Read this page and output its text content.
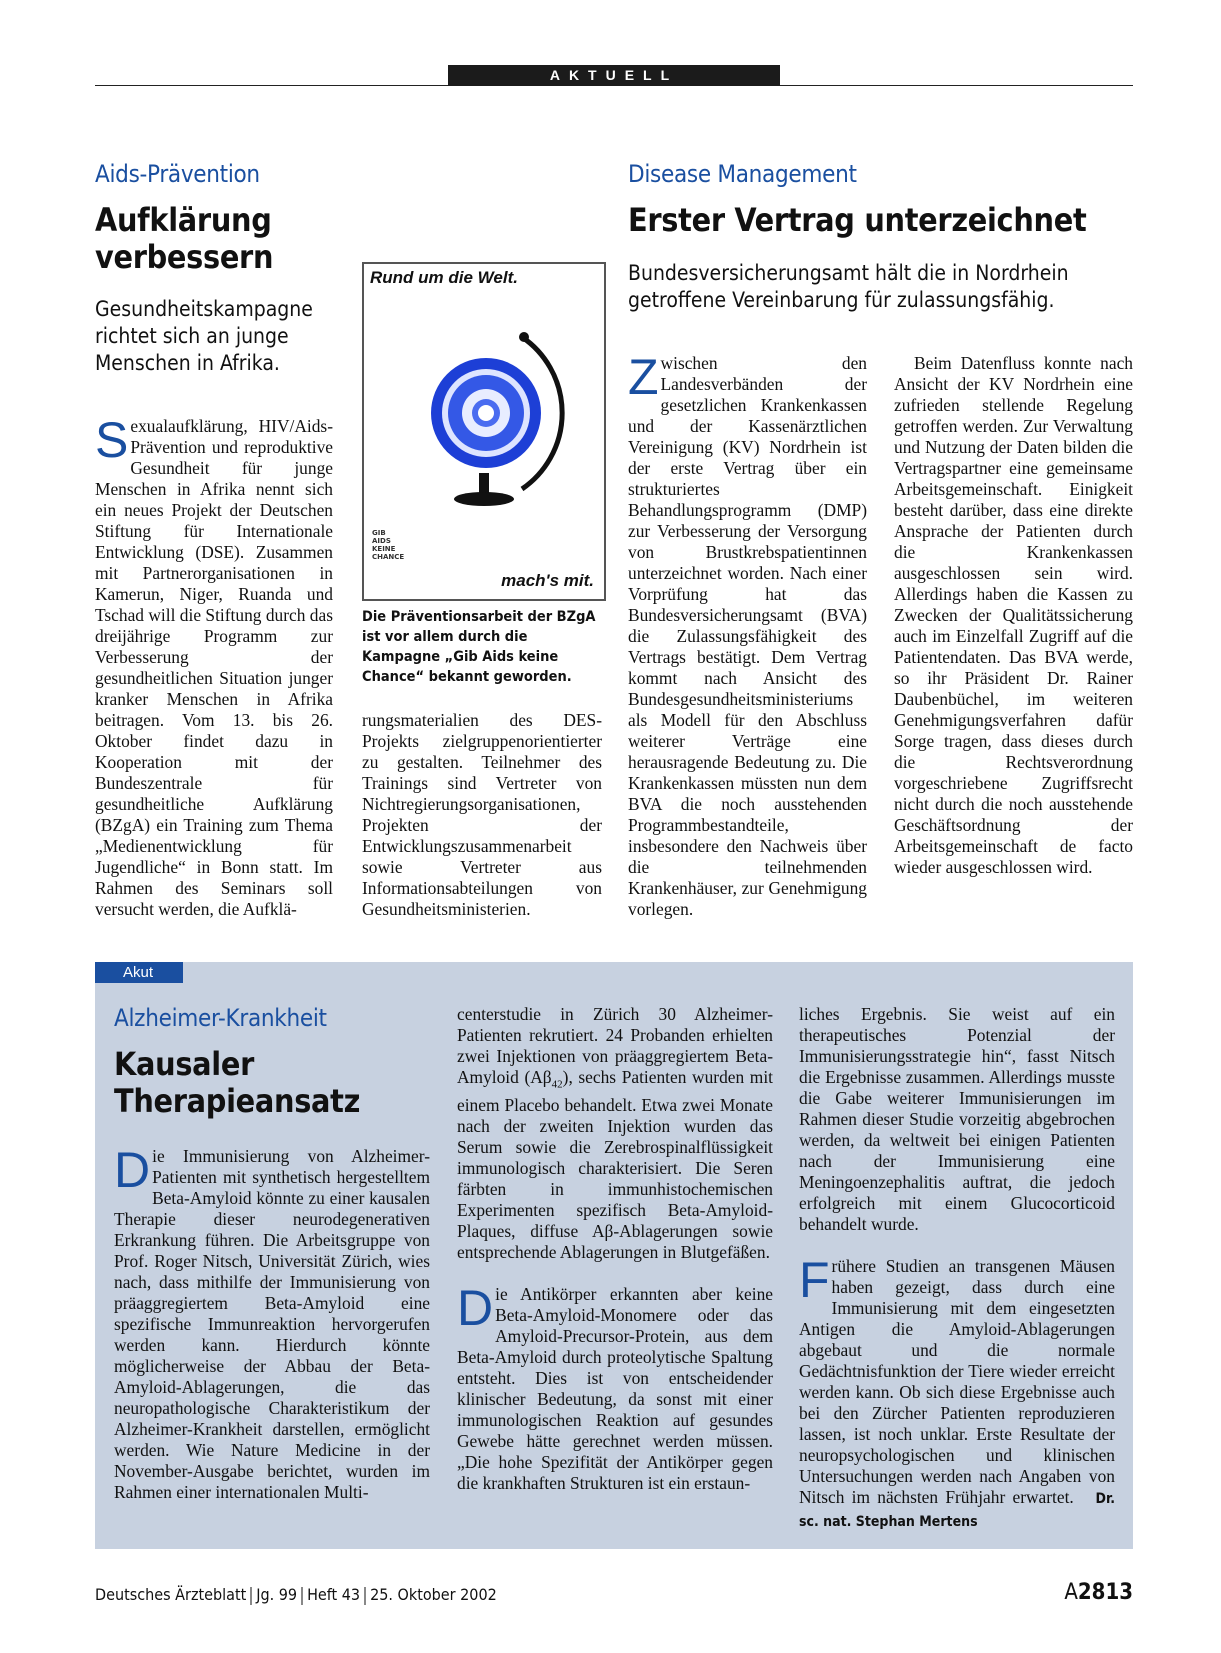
AKTUELL
Aids-Prävention
Aufklärung
verbessern
Gesundheitskampagne
richtet sich an junge
Menschen in Afrika.
Sexualaufklärung, HIV/Aids-Prävention und reproduktive Gesundheit für junge Menschen in Afrika nennt sich ein neues Projekt der Deutschen Stiftung für Internationale Entwicklung (DSE). Zusammen mit Partnerorganisationen in Kamerun, Niger, Ruanda und Tschad will die Stiftung durch das dreijährige Programm zur Verbesserung der gesundheitlichen Situation junger kranker Menschen in Afrika beitragen. Vom 13. bis 26. Oktober findet dazu in Kooperation mit der Bundeszentrale für gesundheitliche Aufklärung (BZgA) ein Training zum Thema „Medienentwicklung für Jugendliche“ in Bonn statt. Im Rahmen des Seminars soll versucht werden, die Aufklä-
Rund um die Welt.
GIB AIDS KEINE CHANCE
mach's mit.
Die Präventionsarbeit der BZgA ist vor allem durch die Kampagne „Gib Aids keine Chance“ bekannt geworden.
rungsmaterialien des DES-Projekts zielgruppenorientierter zu gestalten. Teilnehmer des Trainings sind Vertreter von Nichtregierungsorganisationen, Projekten der Entwicklungszusammenarbeit sowie Vertreter aus Informationsabteilungen von Gesundheitsministerien.
Disease Management
Erster Vertrag unterzeichnet
Bundesversicherungsamt hält die in Nordrhein
getroffene Vereinbarung für zulassungsfähig.
Zwischen den Landesverbänden der gesetzlichen Krankenkassen und der Kassenärztlichen Vereinigung (KV) Nordrhein ist der erste Vertrag über ein strukturiertes Behandlungsprogramm (DMP) zur Verbesserung der Versorgung von Brustkrebspatientinnen unterzeichnet worden. Nach einer Vorprüfung hat das Bundesversicherungsamt (BVA) die Zulassungsfähigkeit des Vertrags bestätigt. Dem Vertrag kommt nach Ansicht des Bundesgesundheitsministeriums als Modell für den Abschluss weiterer Verträge eine herausragende Bedeutung zu. Die Krankenkassen müssten nun dem BVA die noch ausstehenden Programmbestandteile, insbesondere den Nachweis über die teilnehmenden Krankenhäuser, zur Genehmigung vorlegen.
Beim Datenfluss konnte nach Ansicht der KV Nordrhein eine zufrieden stellende Regelung getroffen werden. Zur Verwaltung und Nutzung der Daten bilden die Vertragspartner eine gemeinsame Arbeitsgemeinschaft. Einigkeit besteht darüber, dass eine direkte Ansprache der Patienten durch die Krankenkassen ausgeschlossen sein wird. Allerdings haben die Kassen zu Zwecken der Qualitätssicherung auch im Einzelfall Zugriff auf die Patientendaten. Das BVA werde, so ihr Präsident Dr. Rainer Daubenbüchel, im weiteren Genehmigungsverfahren dafür Sorge tragen, dass dieses durch die Rechtsverordnung vorgeschriebene Zugriffsrecht nicht durch die noch ausstehende Geschäftsordnung der Arbeitsgemeinschaft de facto wieder ausgeschlossen wird.
Akut
Alzheimer-Krankheit
Kausaler
Therapieansatz
Die Immunisierung von Alzheimer-Patienten mit synthetisch hergestelltem Beta-Amyloid könnte zu einer kausalen Therapie dieser neurodegenerativen Erkrankung führen. Die Arbeitsgruppe von Prof. Roger Nitsch, Universität Zürich, wies nach, dass mithilfe der Immunisierung von präaggregiertem Beta-Amyloid eine spezifische Immunreaktion hervorgerufen werden kann. Hierdurch könnte möglicherweise der Abbau der Beta-Amyloid-Ablagerungen, die das neuropathologische Charakteristikum der Alzheimer-Krankheit darstellen, ermöglicht werden. Wie Nature Medicine in der November-Ausgabe berichtet, wurden im Rahmen einer internationalen Multi-
centerstudie in Zürich 30 Alzheimer-Patienten rekrutiert. 24 Probanden erhielten zwei Injektionen von präaggregiertem Beta-Amyloid $(A\beta_{42})$, sechs Patienten wurden mit einem Placebo behandelt. Etwa zwei Monate nach der zweiten Injektion wurden das Serum sowie die Zerebrospinalflüssigkeit immunologisch charakterisiert. Die Seren färbten in immunhistochemischen Experimenten spezifisch Beta-Amyloid-Plaques, diffuse Aβ-Ablagerungen sowie entsprechende Ablagerungen in Blutgefäßen.
Die Antikörper erkannten aber keine Beta-Amyloid-Monomere oder das Amyloid-Precursor-Protein, aus dem Beta-Amyloid durch proteolytische Spaltung entsteht. Dies ist von entscheidender klinischer Bedeutung, da sonst mit einer immunologischen Reaktion auf gesundes Gewebe hätte gerechnet werden müssen. „Die hohe Spezifität der Antikörper gegen die krankhaften Strukturen ist ein erstaun-
liches Ergebnis. Sie weist auf ein therapeutisches Potenzial der Immunisierungsstrategie hin“, fasst Nitsch die Ergebnisse zusammen. Allerdings musste die Gabe weiterer Immunisierungen im Rahmen dieser Studie vorzeitig abgebrochen werden, da weltweit bei einigen Patienten nach der Immunisierung eine Meningoenzephalitis auftrat, die jedoch erfolgreich mit einem Glucocorticoid behandelt wurde.
Frühere Studien an transgenen Mäusen haben gezeigt, dass durch eine Immunisierung mit dem eingesetzten Antigen die Amyloid-Ablagerungen abgebaut und die normale Gedächtnisfunktion der Tiere wieder erreicht werden kann. Ob sich diese Ergebnisse auch bei den Zürcher Patienten reproduzieren lassen, ist noch unklar. Erste Resultate der neuropsychologischen und klinischen Untersuchungen werden nach Angaben von Nitsch im nächsten Frühjahr erwartet. Dr. sc. nat. Stephan Mertens
Deutsches Ärzteblatt Jg. 99 Heft 43 25. Oktober 2002	A2813
